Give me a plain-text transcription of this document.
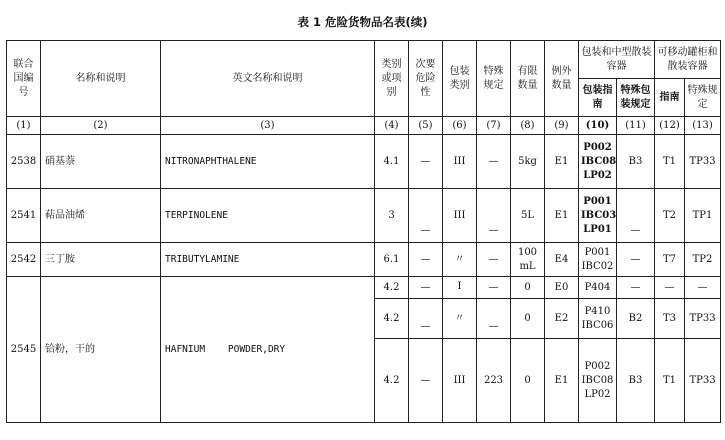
表 1 危险货物品名表(续)
联合国编号	名称和说明	英文名称和说明	类别或项别	次要危险性	包装类别	特殊规定	有限数量	例外数量	包装和中型散装容器		可移动罐柜和散装容器	
									包装指南	特殊包装规定	指南	特殊规定
(1)	(2)	(3)	(4)	(5)	(6)	(7)	(8)	(9)	(10)	(11)	(12)	(13)
2538	硝基萘	NITRONAPHTHALENE	4.1	—	III	—	5kg	E1	P002 IBC08 LP02	B3	T1	TP33
2541	萜品油烯	TERPINOLENE	3	—	III	—	5L	E1	P001 IBC03 LP01	—	T2	TP1
2542	三丁胺	TRIBUTYLAMINE	6.1	—	〃	—	100 mL	E4	P001 IBC02	—	T7	TP2
2545	铪粉，干的	HAFNIUM    POWDER,DRY	4.2	—	I	—	0	E0	P404	—	—	—
			4.2	—	〃	—	0	E2	P410 IBC06	B2	T3	TP33
			4.2	—	III	223	0	E1	P002 IBC08 LP02	B3	T1	TP33
